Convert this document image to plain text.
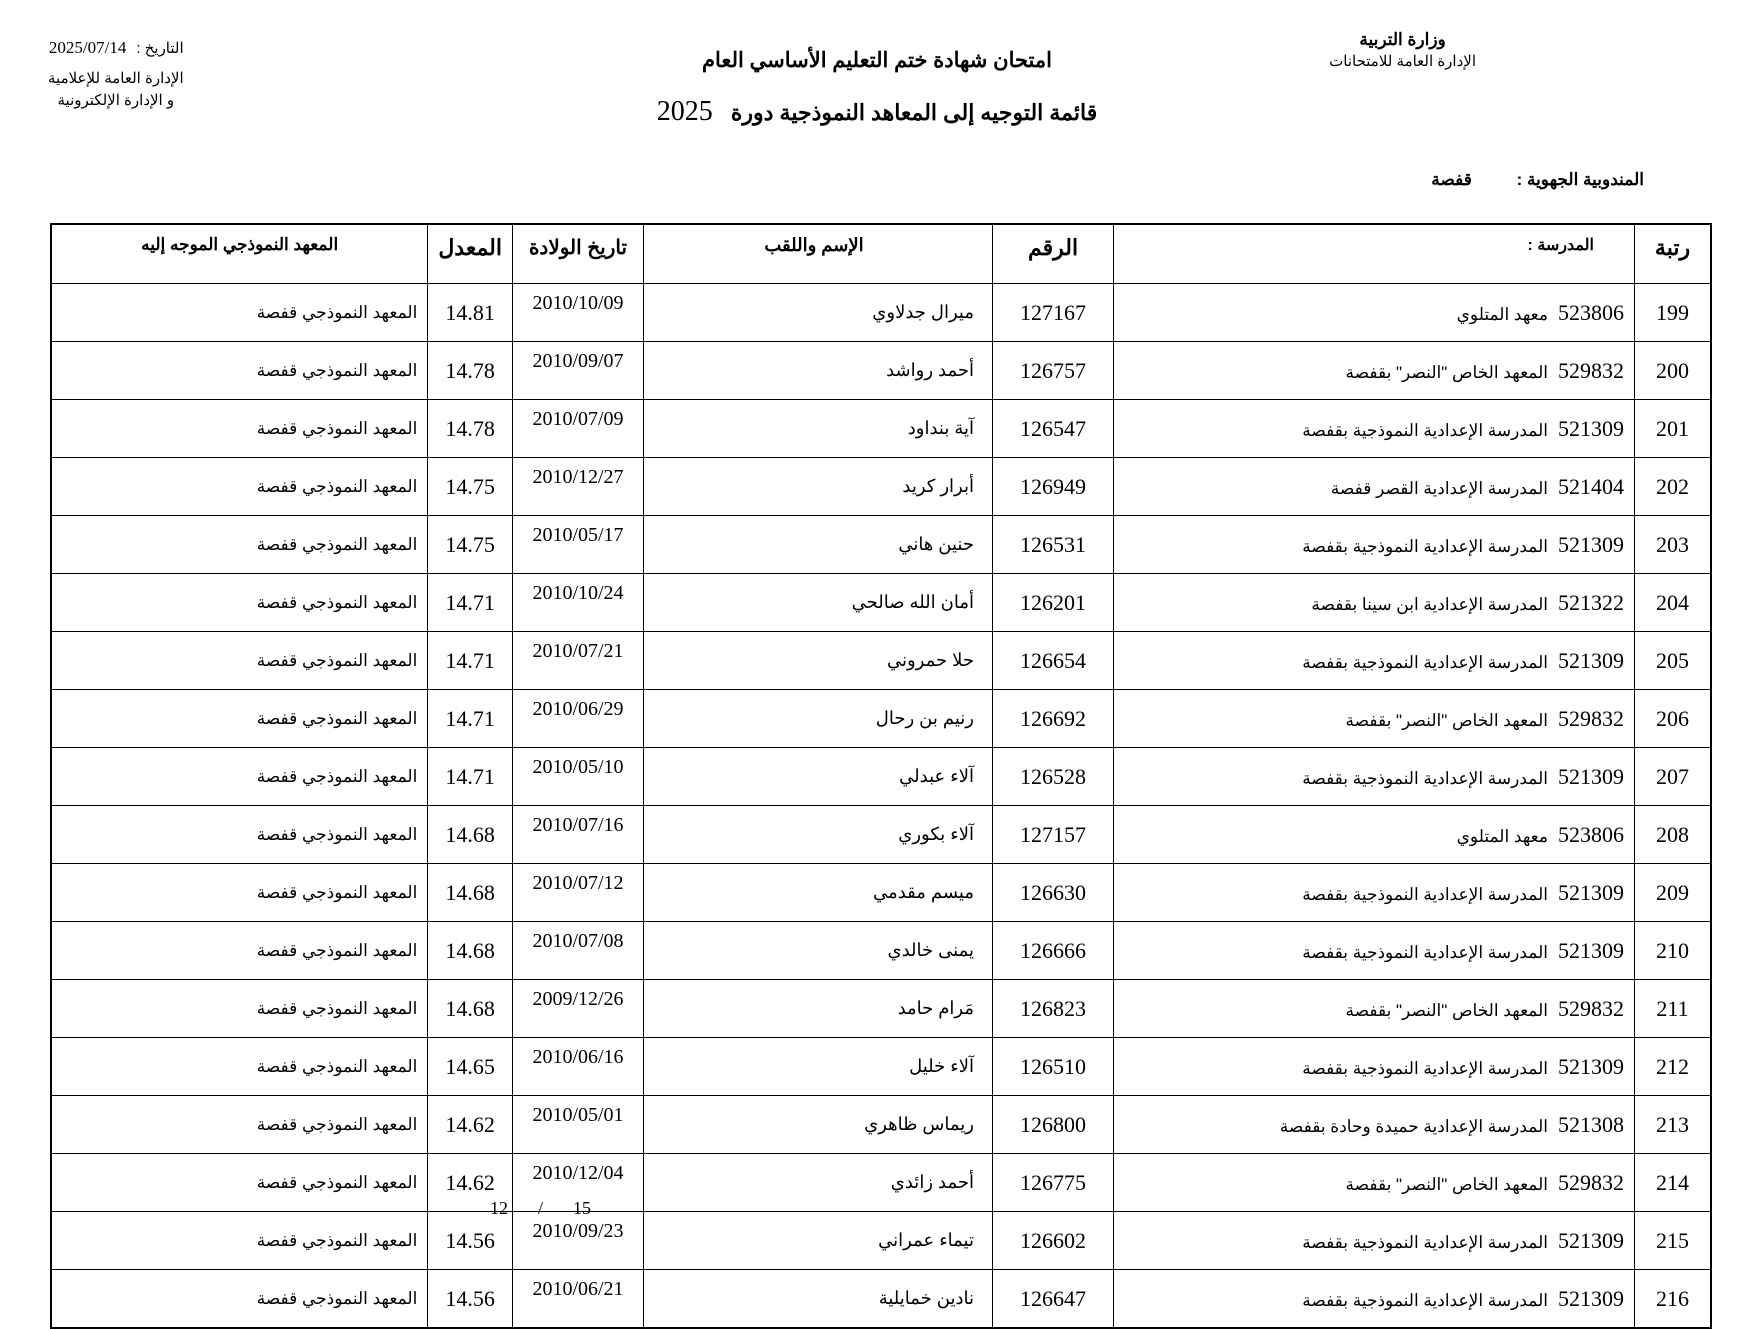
وزارة التربية
الإدارة العامة للامتحانات
التاريخ :
2025/07/14
الإدارة العامة للإعلامية
و الإدارة الإلكترونية
امتحان شهادة ختم التعليم الأساسي العام
قائمة التوجيه إلى المعاهد النموذجية دورة 2025
المندوبية الجهوية : قفصة
رتبة	المدرسة :	الرقم	الإسم واللقب	تاريخ الولادة	المعدل	المعهد النموذجي الموجه إليه
199	523806معهد المتلوي	127167	ميرال جدلاوي	2010/10/09	14.81	المعهد النموذجي قفصة
200	529832المعهد الخاص "النصر" بقفصة	126757	أحمد رواشد	2010/09/07	14.78	المعهد النموذجي قفصة
201	521309المدرسة الإعدادية النموذجية بقفصة	126547	آية بنداود	2010/07/09	14.78	المعهد النموذجي قفصة
202	521404المدرسة الإعدادية القصر قفصة	126949	أبرار كريد	2010/12/27	14.75	المعهد النموذجي قفصة
203	521309المدرسة الإعدادية النموذجية بقفصة	126531	حنين هاني	2010/05/17	14.75	المعهد النموذجي قفصة
204	521322المدرسة الإعدادية ابن سينا بقفصة	126201	أمان الله صالحي	2010/10/24	14.71	المعهد النموذجي قفصة
205	521309المدرسة الإعدادية النموذجية بقفصة	126654	حلا حمروني	2010/07/21	14.71	المعهد النموذجي قفصة
206	529832المعهد الخاص "النصر" بقفصة	126692	رنيم بن رحال	2010/06/29	14.71	المعهد النموذجي قفصة
207	521309المدرسة الإعدادية النموذجية بقفصة	126528	آلاء عبدلي	2010/05/10	14.71	المعهد النموذجي قفصة
208	523806معهد المتلوي	127157	آلاء بكوري	2010/07/16	14.68	المعهد النموذجي قفصة
209	521309المدرسة الإعدادية النموذجية بقفصة	126630	ميسم مقدمي	2010/07/12	14.68	المعهد النموذجي قفصة
210	521309المدرسة الإعدادية النموذجية بقفصة	126666	يمنى خالدي	2010/07/08	14.68	المعهد النموذجي قفصة
211	529832المعهد الخاص "النصر" بقفصة	126823	مَرام حامد	2009/12/26	14.68	المعهد النموذجي قفصة
212	521309المدرسة الإعدادية النموذجية بقفصة	126510	آلاء خليل	2010/06/16	14.65	المعهد النموذجي قفصة
213	521308المدرسة الإعدادية حميدة وحادة بقفصة	126800	ريماس ظاهري	2010/05/01	14.62	المعهد النموذجي قفصة
214	529832المعهد الخاص "النصر" بقفصة	126775	أحمد زائدي	2010/12/04	14.62	المعهد النموذجي قفصة
215	521309المدرسة الإعدادية النموذجية بقفصة	126602	تيماء عمراني	2010/09/23	14.56	المعهد النموذجي قفصة
216	521309المدرسة الإعدادية النموذجية بقفصة	126647	نادين خمايلية	2010/06/21	14.56	المعهد النموذجي قفصة
12 / 15
